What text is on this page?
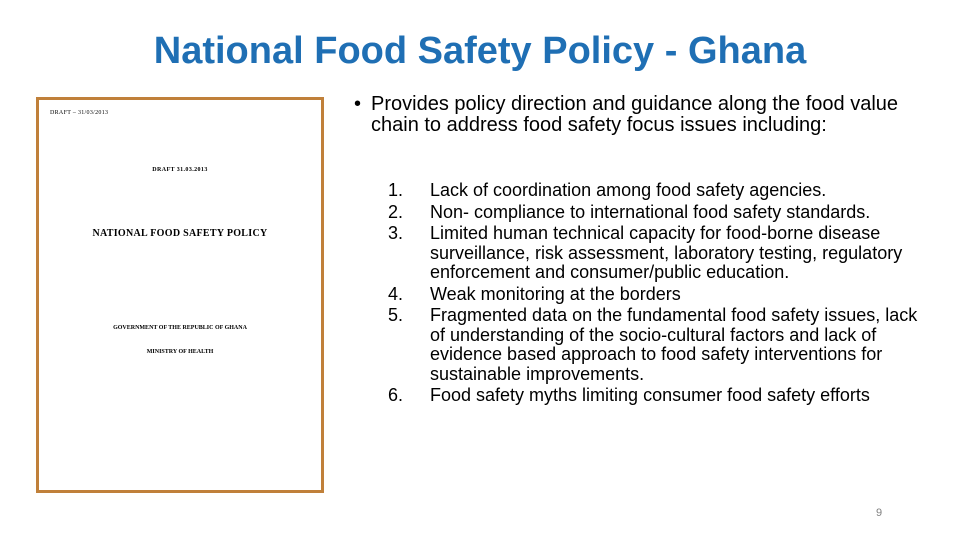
National Food Safety Policy - Ghana
DRAFT – 31/03/2013
DRAFT 31.03.2013
NATIONAL FOOD SAFETY POLICY
GOVERNMENT OF THE REPUBLIC OF GHANA
MINISTRY OF HEALTH
• Provides policy direction and guidance along the food value chain to address food safety focus issues including:
1. Lack of coordination among food safety agencies.
2. Non- compliance to international food safety standards.
3. Limited human technical capacity for food-borne disease surveillance, risk assessment, laboratory testing, regulatory enforcement and consumer/public education.
4. Weak monitoring at the borders
5. Fragmented data on the fundamental food safety issues, lack of understanding of the socio-cultural factors and lack of evidence based approach to food safety interventions for sustainable improvements.
6. Food safety myths limiting consumer food safety efforts
9
